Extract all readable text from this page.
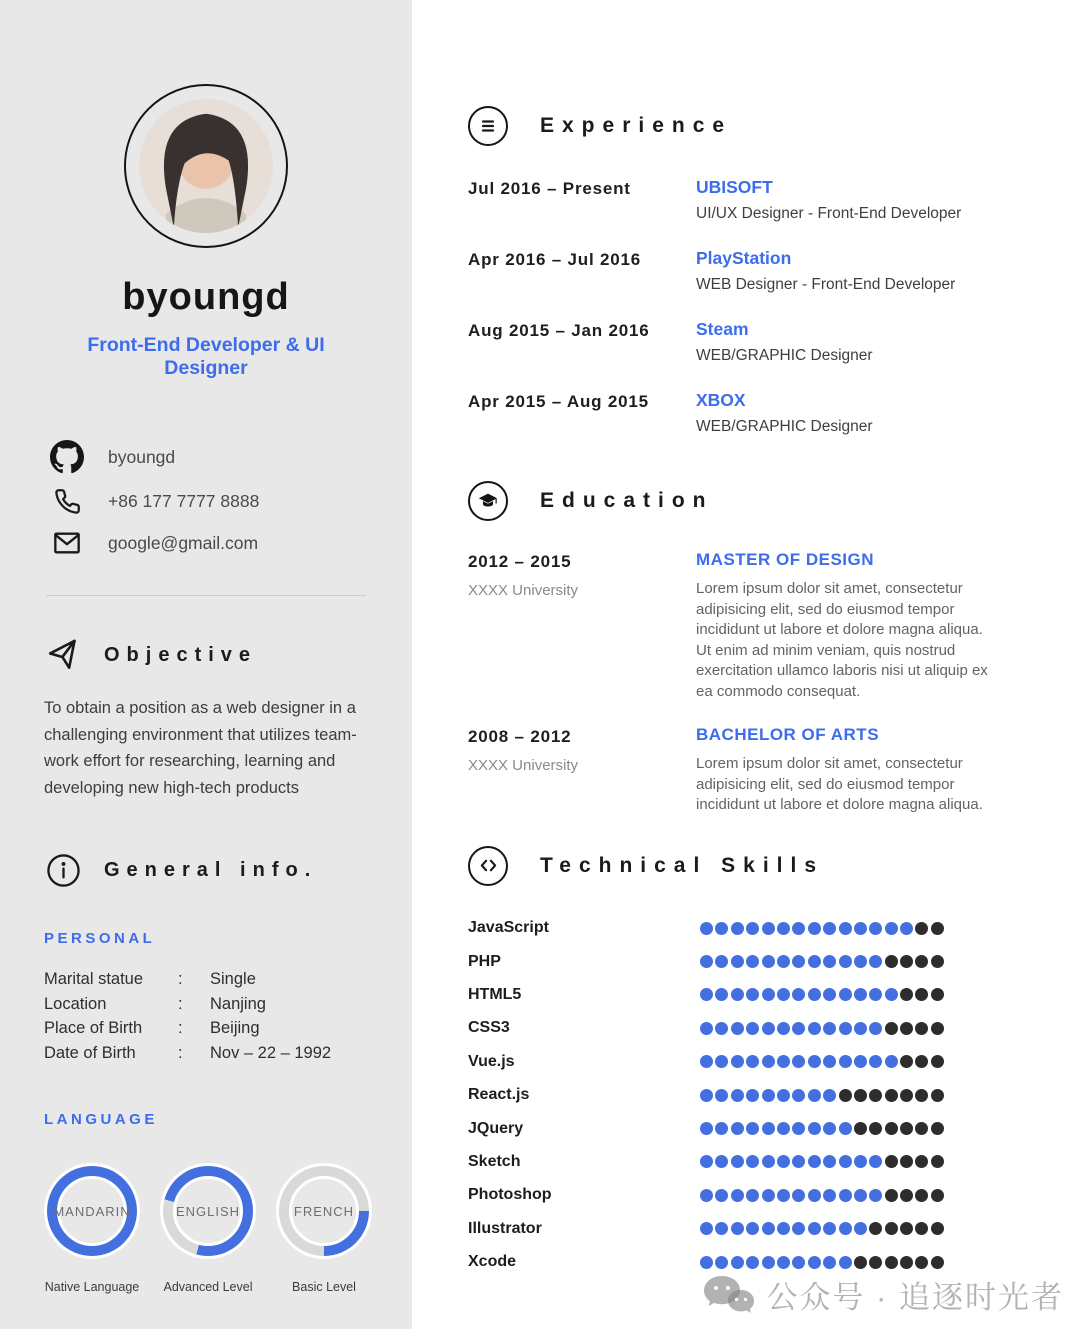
byoungd
Front-End Developer & UI Designer
byoungd
+86 177 7777 8888
google@gmail.com
Objective

To obtain a position as a web designer in a challenging environment that utilizes team-work effort for researching, learning and developing new high-tech products

General info.
PERSONAL
Marital statue	:	Single
Location	:	Nanjing
Place of Birth	:	Beijing
Date of Birth	:	Nov – 22 – 1992
LANGUAGE
MANDARIN
Native Language
ENGLISH
Advanced Level
FRENCH
Basic Level
Experience
Jul 2016 – Present	UBISOFT
UI/UX Designer - Front-End Developer
Apr 2016 – Jul 2016	PlayStation
WEB Designer - Front-End Developer
Aug 2015 – Jan 2016	Steam
WEB/GRAPHIC Designer
Apr 2015 – Aug 2015	XBOX
WEB/GRAPHIC Designer
Education
2012 – 2015
XXXX University
MASTER OF DESIGN
Lorem ipsum dolor sit amet, consectetur adipisicing elit, sed do eiusmod tempor incididunt ut labore et dolore magna aliqua. Ut enim ad minim veniam, quis nostrud exercitation ullamco laboris nisi ut aliquip ex ea commodo consequat.
2008 – 2012
XXXX University
BACHELOR OF ARTS
Lorem ipsum dolor sit amet, consectetur adipisicing elit, sed do eiusmod tempor incididunt ut labore et dolore magna aliqua.
Technical Skills
JavaScript
PHP
HTML5
CSS3
Vue.js
React.js
JQuery
Sketch
Photoshop
Illustrator
Xcode
公众号 · 追逐时光者
